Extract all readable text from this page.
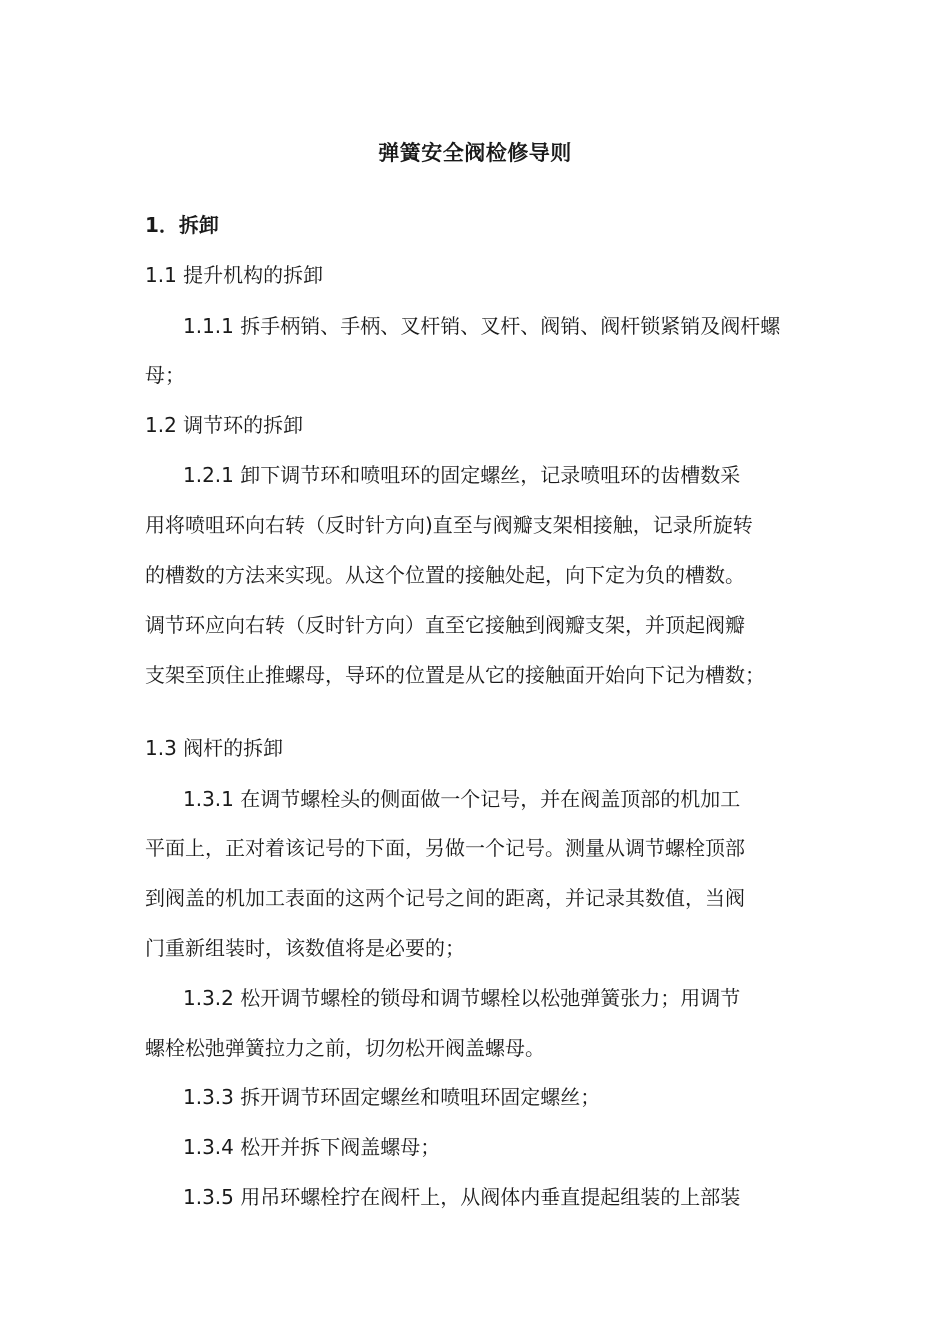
弹簧安全阀检修导则
1．拆卸
1.1 提升机构的拆卸
1.1.1 拆手柄销、手柄、叉杆销、叉杆、阀销、阀杆锁紧销及阀杆螺
母；
1.2 调节环的拆卸
1.2.1 卸下调节环和喷咀环的固定螺丝，记录喷咀环的齿槽数采
用将喷咀环向右转（反时针方向)直至与阀瓣支架相接触，记录所旋转
的槽数的方法来实现。从这个位置的接触处起，向下定为负的槽数。
调节环应向右转（反时针方向）直至它接触到阀瓣支架，并顶起阀瓣
支架至顶住止推螺母，导环的位置是从它的接触面开始向下记为槽数；
1.3 阀杆的拆卸
1.3.1 在调节螺栓头的侧面做一个记号，并在阀盖顶部的机加工
平面上，正对着该记号的下面，另做一个记号。测量从调节螺栓顶部
到阀盖的机加工表面的这两个记号之间的距离，并记录其数值，当阀
门重新组装时，该数值将是必要的；
1.3.2 松开调节螺栓的锁母和调节螺栓以松弛弹簧张力；用调节
螺栓松弛弹簧拉力之前，切勿松开阀盖螺母。
1.3.3 拆开调节环固定螺丝和喷咀环固定螺丝；
1.3.4 松开并拆下阀盖螺母；
1.3.5 用吊环螺栓拧在阀杆上，从阀体内垂直提起组装的上部装
